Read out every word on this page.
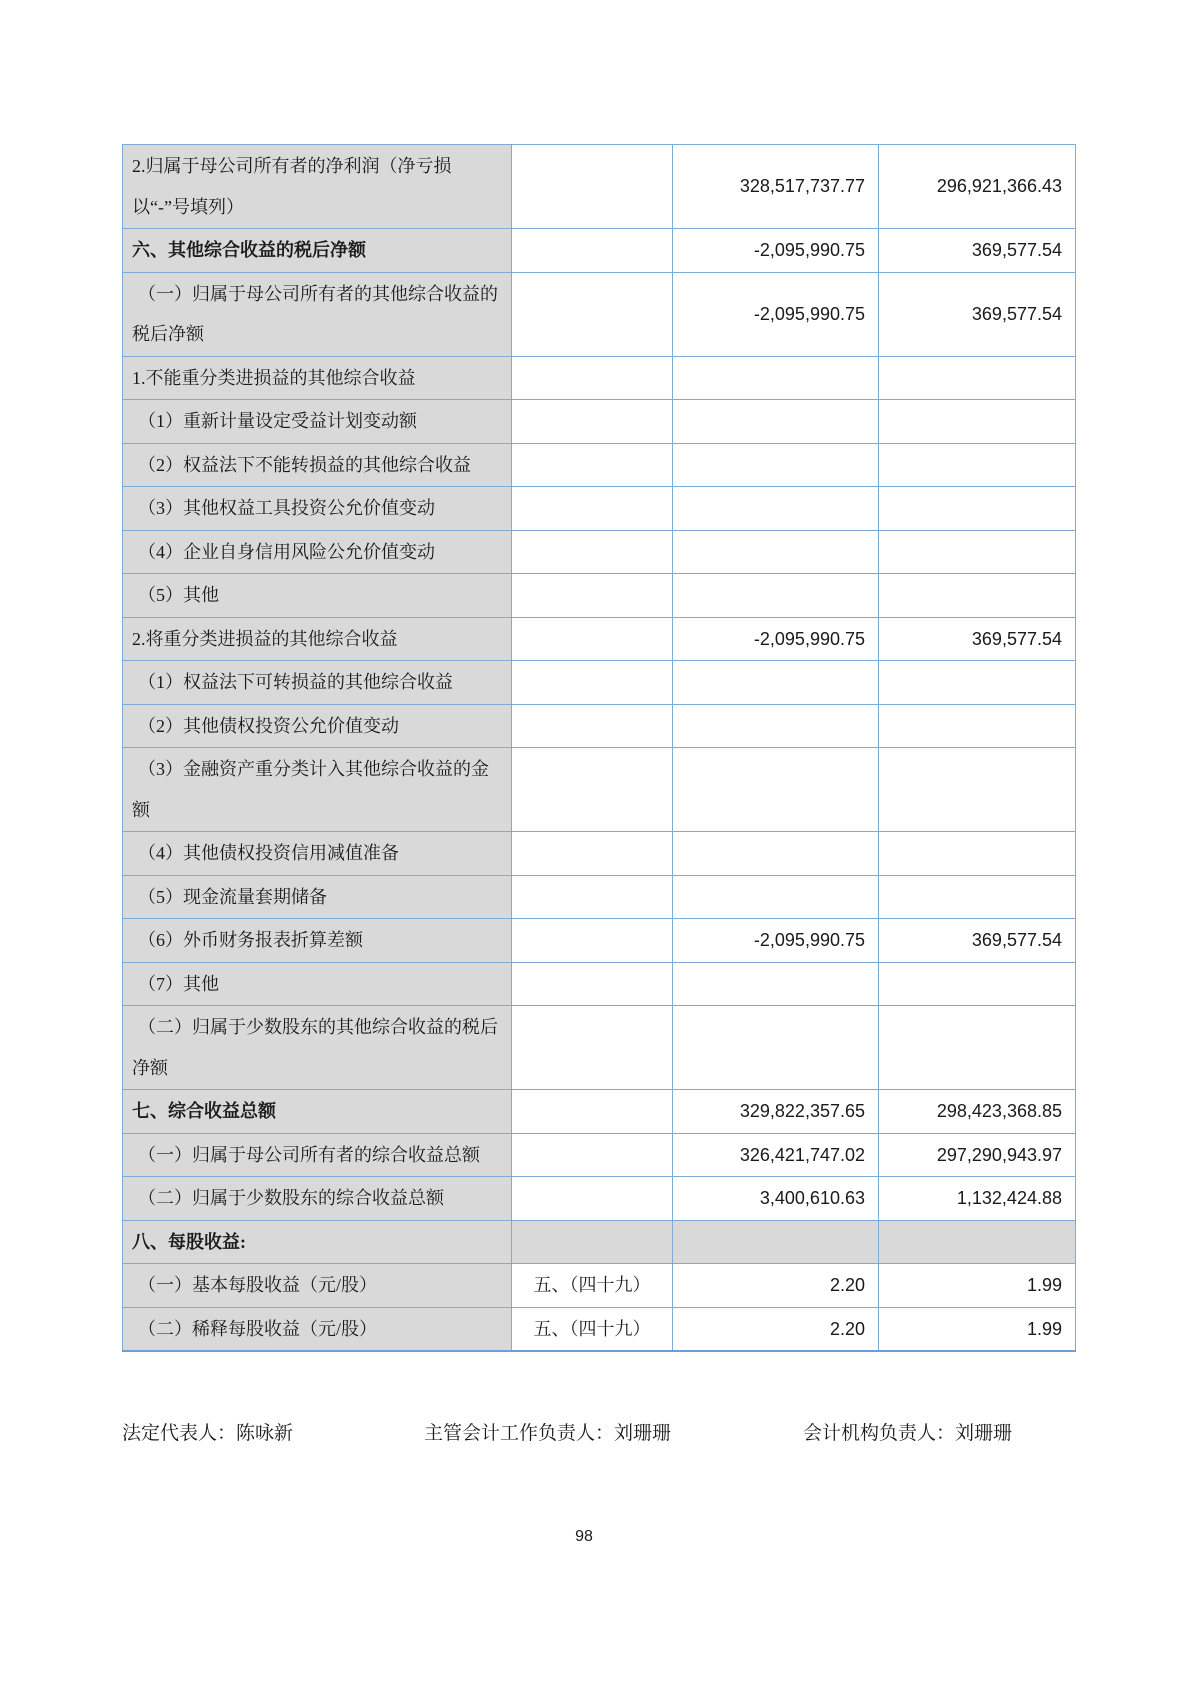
2.归属于母公司所有者的净利润（净亏损以“-”号填列）		328,517,737.77	296,921,366.43
六、其他综合收益的税后净额		-2,095,990.75	369,577.54
（一）归属于母公司所有者的其他综合收益的税后净额		-2,095,990.75	369,577.54
1.不能重分类进损益的其他综合收益			
（1）重新计量设定受益计划变动额			
（2）权益法下不能转损益的其他综合收益			
（3）其他权益工具投资公允价值变动			
（4）企业自身信用风险公允价值变动			
（5）其他			
2.将重分类进损益的其他综合收益		-2,095,990.75	369,577.54
（1）权益法下可转损益的其他综合收益			
（2）其他债权投资公允价值变动			
（3）金融资产重分类计入其他综合收益的金额			
（4）其他债权投资信用减值准备			
（5）现金流量套期储备			
（6）外币财务报表折算差额		-2,095,990.75	369,577.54
（7）其他			
（二）归属于少数股东的其他综合收益的税后净额			
七、综合收益总额		329,822,357.65	298,423,368.85
（一）归属于母公司所有者的综合收益总额		326,421,747.02	297,290,943.97
（二）归属于少数股东的综合收益总额		3,400,610.63	1,132,424.88
八、每股收益:			
（一）基本每股收益（元/股）	五、（四十九）	2.20	1.99
（二）稀释每股收益（元/股）	五、（四十九）	2.20	1.99
法定代表人：陈咏新	主管会计工作负责人：刘珊珊	会计机构负责人：刘珊珊
98
